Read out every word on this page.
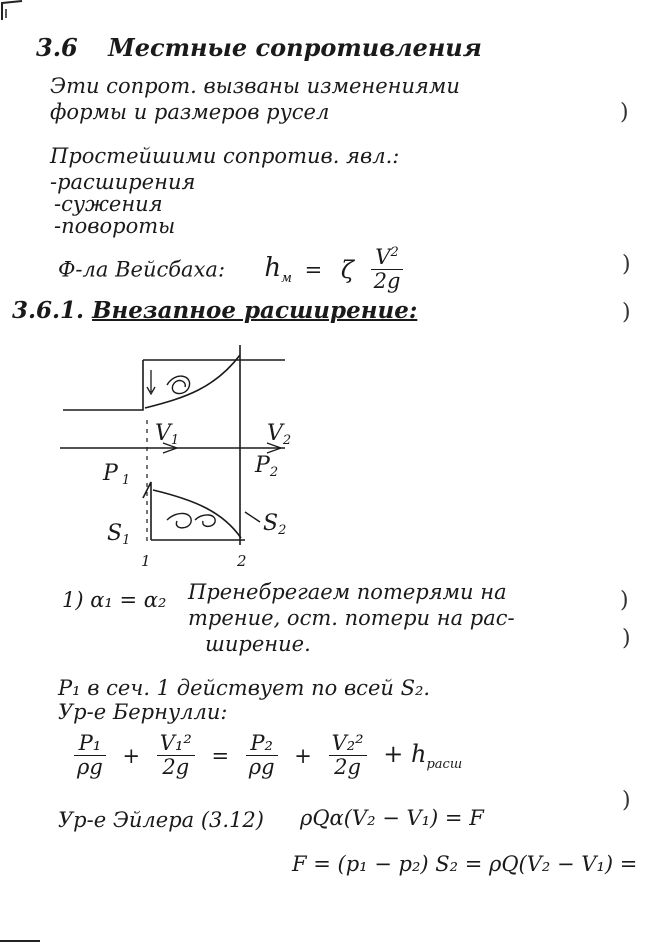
3.6 Местные сопротивления
Эти сопрот. вызваны изменениями
формы и размеров русел	)
Простейшими сопротив. явл.:
-расширения
-сужения
-повороты
Ф-ла Вейсбаха: $h_м = \zeta \frac{V^2}{2g}$	)
3.6.1. Внезапное расширение:	)
V1	V2
P 1
P2
S1
S2
1	2
1) α₁ = α₂ Пренебрегаем потерями на
трение, ост. потери на рас-
ширение.
)
)
P₁ в сеч. 1 действует по всей S₂.
Ур-е Бернулли:
$\frac{\text{P₁}}{\rho g} + \frac{\text{V₁²}}{2g} = \frac{\text{P₂}}{\rho g} + \frac{\text{V₂²}}{2g} + h_{расш}$
Ур-е Эйлера (3.12) ρQα(V₂ − V₁) = F
)
F = (p₁ − p₂) S₂ = ρQ(V₂ − V₁) =
